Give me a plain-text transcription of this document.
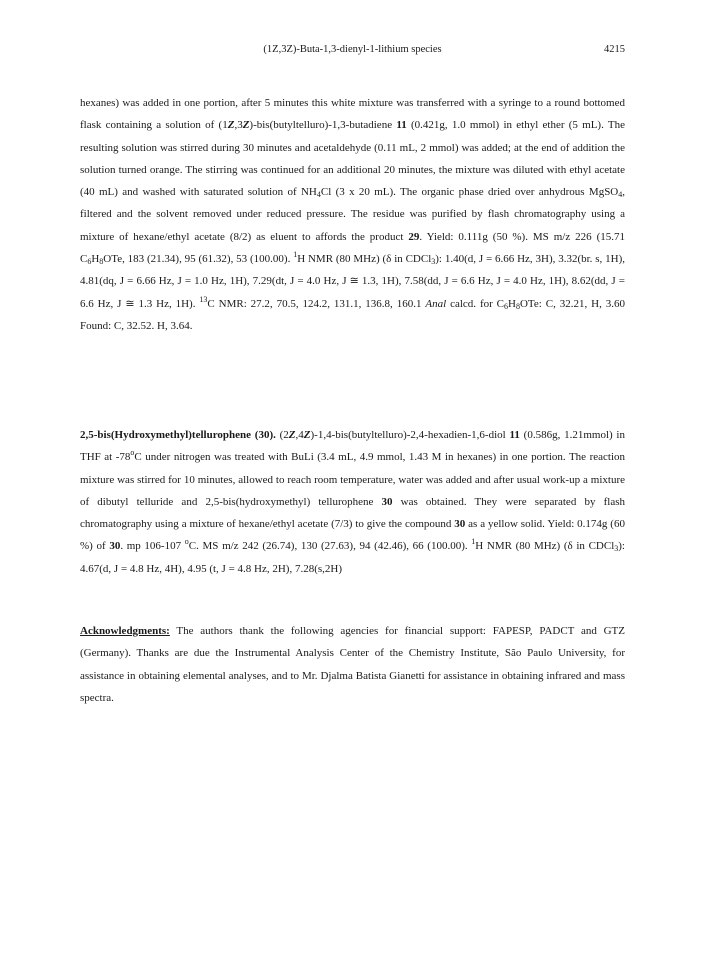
(1Z,3Z)-Buta-1,3-dienyl-1-lithium species	4215
hexanes) was added in one portion, after 5 minutes this white mixture was transferred with a syringe to a round bottomed flask containing a solution of (1Z,3Z)-bis(butyltelluro)-1,3-butadiene 11 (0.421g, 1.0 mmol) in ethyl ether (5 mL). The resulting solution was stirred during 30 minutes and acetaldehyde (0.11 mL, 2 mmol) was added; at the end of addition the solution turned orange. The stirring was continued for an additional 20 minutes, the mixture was diluted with ethyl acetate (40 mL) and washed with saturated solution of $NH_4Cl$ (3 x 20 mL). The organic phase dried over anhydrous MgSO$_4$, filtered and the solvent removed under reduced pressure. The residue was purified by flash chromatography using a mixture of hexane/ethyl acetate (8/2) as eluent to affords the product 29. Yield: 0.111g (50 %). MS m/z 226 (15.71 $C_6H_8OTe$, 183 (21.34), 95 (61.32), 53 (100.00). $^1$H NMR (80 MHz) (δ in CDCl$_3$): 1.40(d, J = 6.66 Hz, 3H), 3.32(br. s, 1H), 4.81(dq, J = 6.66 Hz, J = 1.0 Hz, 1H), 7.29(dt, J = 4.0 Hz, J ≅ 1.3, 1H), 7.58(dd, J = 6.6 Hz, J = 4.0 Hz, 1H), 8.62(dd, J = 6.6 Hz, J ≅ 1.3 Hz, 1H). $^{13}$C NMR: 27.2, 70.5, 124.2, 131.1, 136.8, 160.1 Anal calcd. for $C_6H_8OTe$: C, 32.21, H, 3.60 Found: C, 32.52. H, 3.64.
2,5-bis(Hydroxymethyl)tellurophene (30). (2Z,4Z)-1,4-bis(butyltelluro)-2,4-hexadien-1,6-diol 11 (0.586g, 1.21mmol) in THF at -78$^o$C under nitrogen was treated with BuLi (3.4 mL, 4.9 mmol, 1.43 M in hexanes) in one portion. The reaction mixture was stirred for 10 minutes, allowed to reach room temperature, water was added and after usual work-up a mixture of dibutyl telluride and 2,5-bis(hydroxymethyl) tellurophene 30 was obtained. They were separated by flash chromatography using a mixture of hexane/ethyl acetate (7/3) to give the compound 30 as a yellow solid. Yield: 0.174g (60 %) of 30. mp 106-107 $^o$C. MS m/z 242 (26.74), 130 (27.63), 94 (42.46), 66 (100.00). $^1$H NMR (80 MHz) (δ in CDCl$_3$): 4.67(d, J = 4.8 Hz, 4H), 4.95 (t, J = 4.8 Hz, 2H), 7.28(s,2H)
Acknowledgments: The authors thank the following agencies for financial support: FAPESP, PADCT and GTZ (Germany). Thanks are due the Instrumental Analysis Center of the Chemistry Institute, São Paulo University, for assistance in obtaining elemental analyses, and to Mr. Djalma Batista Gianetti for assistance in obtaining infrared and mass spectra.
